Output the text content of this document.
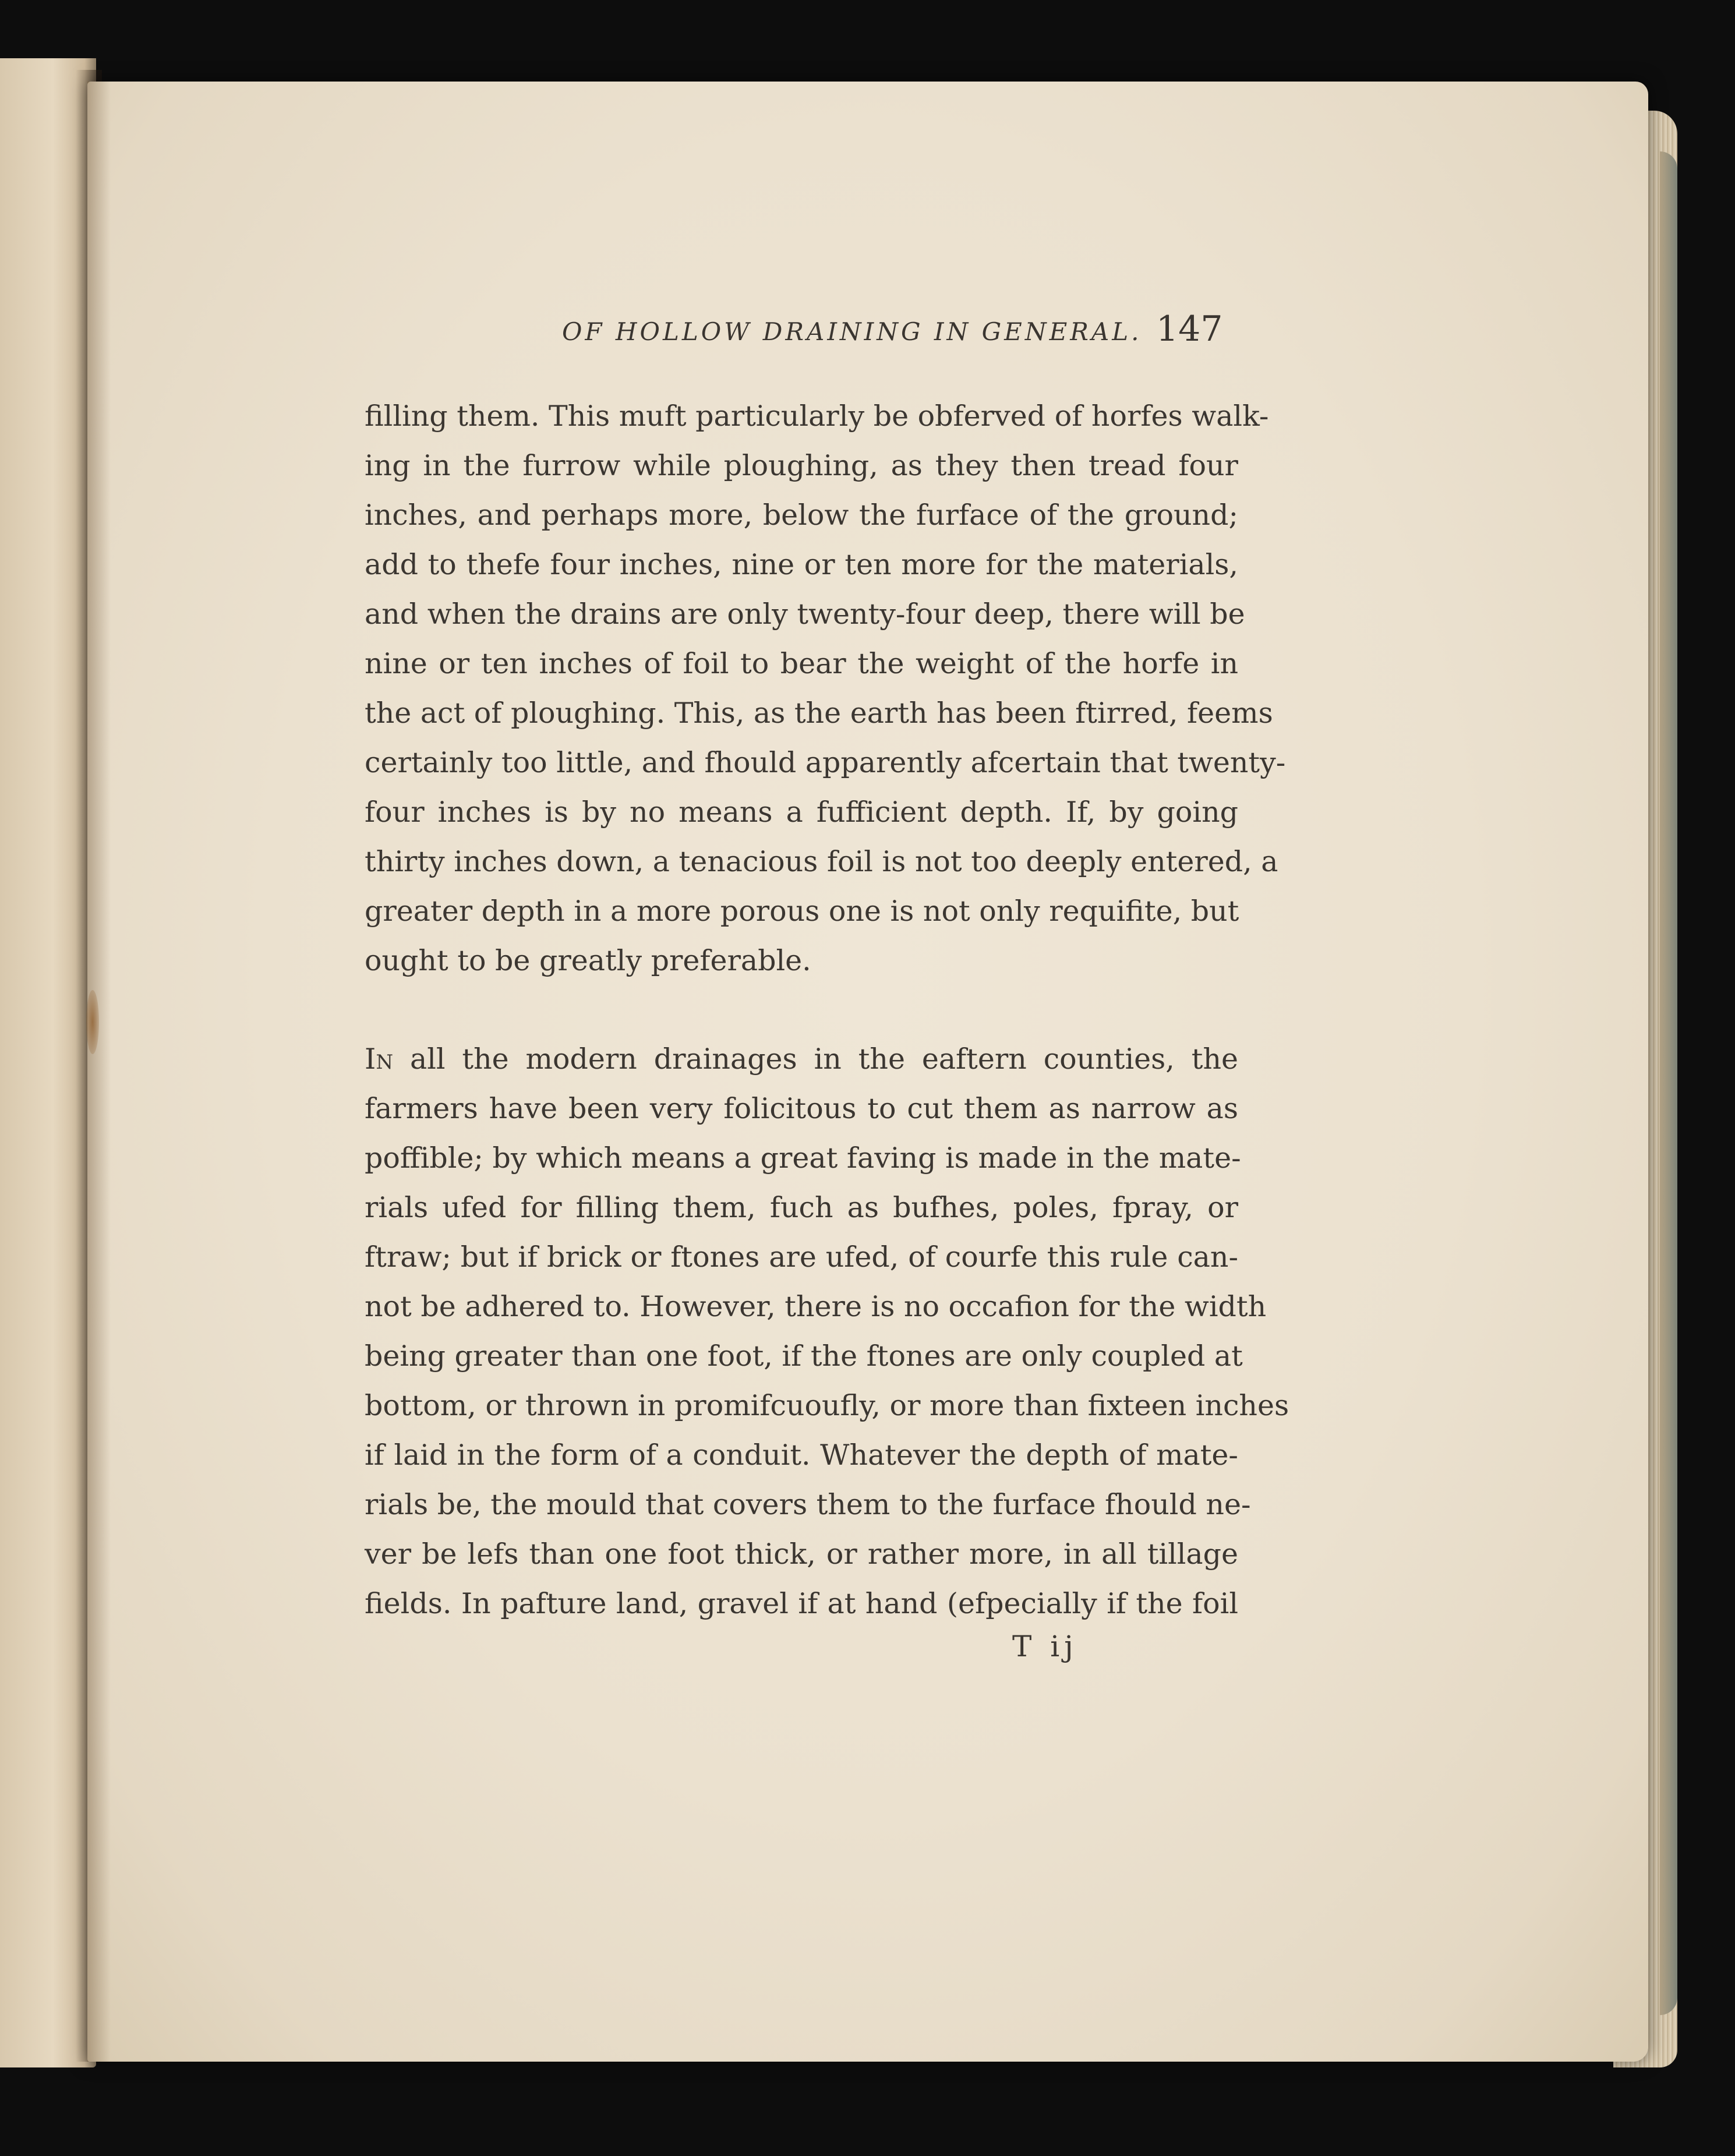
OF HOLLOW DRAINING IN GENERAL. 147
filling them. This muft particularly be obferved of horfes walk-
ing in the furrow while ploughing, as they then tread four
inches, and perhaps more, below the furface of the ground;
add to thefe four inches, nine or ten more for the materials,
and when the drains are only twenty-four deep, there will be
nine or ten inches of foil to bear the weight of the horfe in
the act of ploughing. This, as the earth has been ftirred, feems
certainly too little, and fhould apparently afcertain that twenty-
four inches is by no means a fufficient depth. If, by going
thirty inches down, a tenacious foil is not too deeply entered, a
greater depth in a more porous one is not only requifite, but
ought to be greatly preferable.
In all the modern drainages in the eaftern counties, the
farmers have been very folicitous to cut them as narrow as
poffible; by which means a great faving is made in the mate-
rials ufed for filling them, fuch as bufhes, poles, fpray, or
ftraw; but if brick or ftones are ufed, of courfe this rule can-
not be adhered to. However, there is no occafion for the width
being greater than one foot, if the ftones are only coupled at
bottom, or thrown in promifcuoufly, or more than fixteen inches
if laid in the form of a conduit. Whatever the depth of mate-
rials be, the mould that covers them to the furface fhould ne-
ver be lefs than one foot thick, or rather more, in all tillage
fields. In pafture land, gravel if at hand (efpecially if the foil
T ij
